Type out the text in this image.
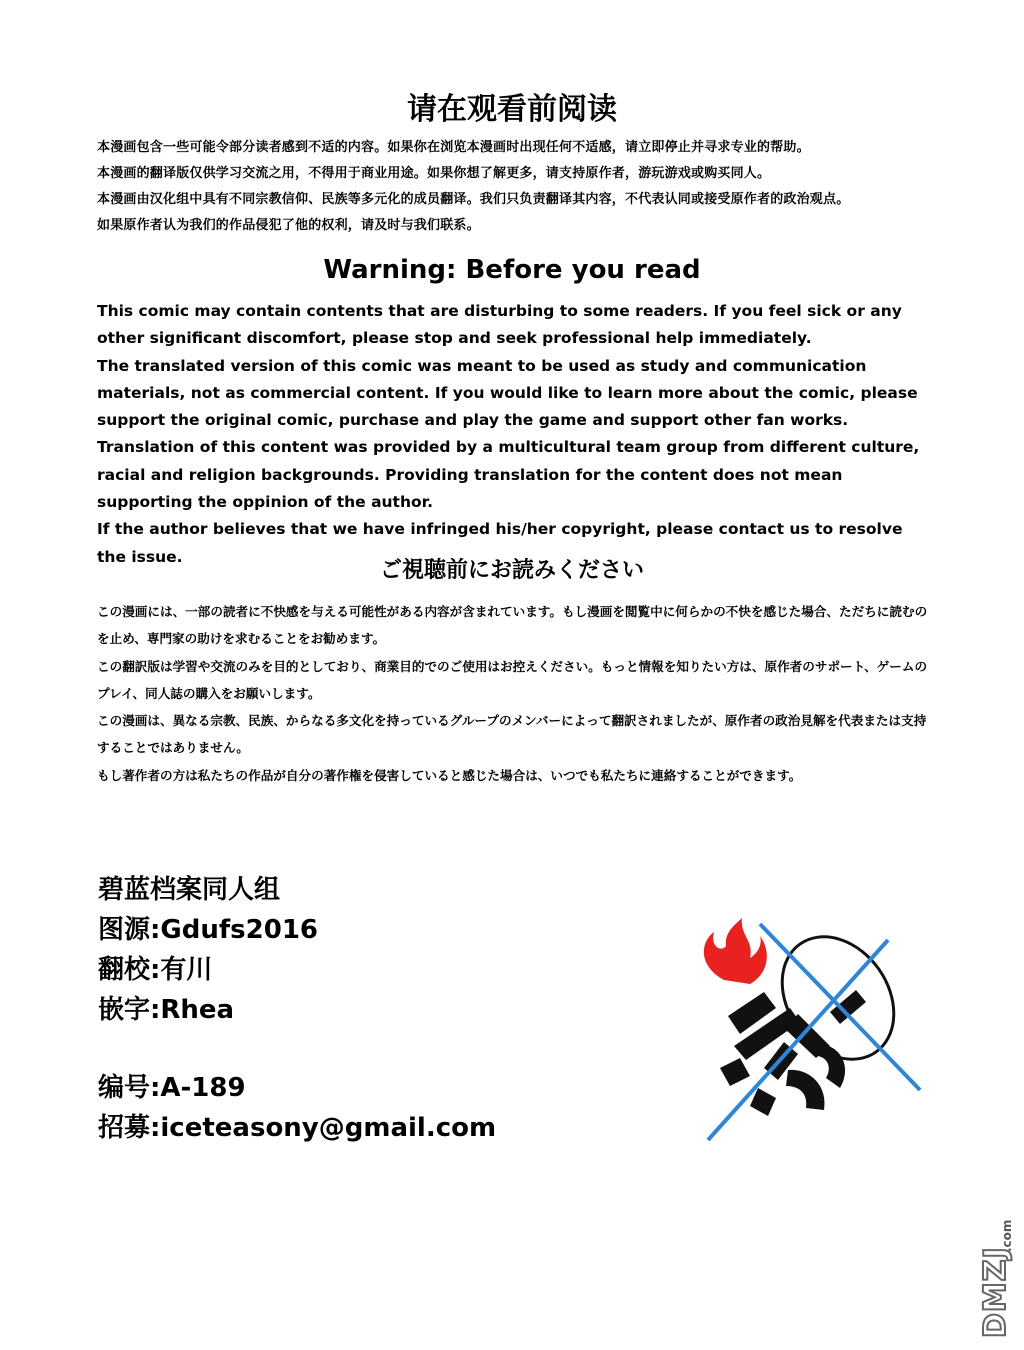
请在观看前阅读
本漫画包含一些可能令部分读者感到不适的内容。如果你在浏览本漫画时出现任何不适感，请立即停止并寻求专业的帮助。
本漫画的翻译版仅供学习交流之用，不得用于商业用途。如果你想了解更多，请支持原作者，游玩游戏或购买同人。
本漫画由汉化组中具有不同宗教信仰、民族等多元化的成员翻译。我们只负责翻译其内容，不代表认同或接受原作者的政治观点。
如果原作者认为我们的作品侵犯了他的权利，请及时与我们联系。
Warning: Before you read
This comic may contain contents that are disturbing to some readers. If you feel sick or any other significant discomfort, please stop and seek professional help immediately.
The translated version of this comic was meant to be used as study and communication materials, not as commercial content. If you would like to learn more about the comic, please support the original comic, purchase and play the game and support other fan works.
Translation of this content was provided by a multicultural team group from different culture, racial and religion backgrounds. Providing translation for the content does not mean supporting the oppinion of the author.
If the author believes that we have infringed his/her copyright, please contact us to resolve the issue.
ご視聴前にお読みください
この漫画には、一部の読者に不快感を与える可能性がある内容が含まれています。もし漫画を閲覧中に何らかの不快を感じた場合、ただちに読むのを止め、専門家の助けを求むることをお勧めます。
この翻訳版は学習や交流のみを目的としており、商業目的でのご使用はお控えください。もっと情報を知りたい方は、原作者のサポート、ゲームのプレイ、同人誌の購入をお願いします。
この漫画は、異なる宗教、民族、からなる多文化を持っているグループのメンバーによって翻訳されましたが、原作者の政治見解を代表または支持することではありません。
もし著作者の方は私たちの作品が自分の著作権を侵害していると感じた場合は、いつでも私たちに連絡することができます。
碧蓝档案同人组
图源:Gdufs2016
翻校:有川
嵌字:Rhea
编号:A-189
招募:iceteasony@gmail.com
DMZJ
.com
